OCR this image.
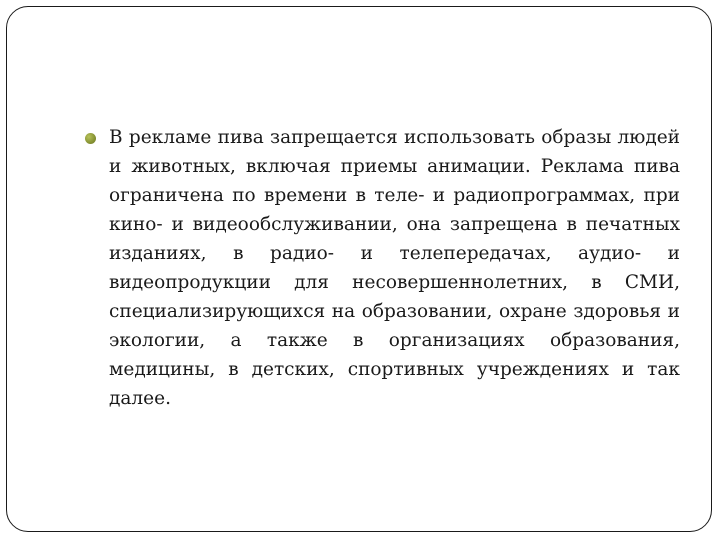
В рекламе пива запрещается использовать образы людей и животных, включая приемы анимации. Реклама пива ограничена по времени в теле- и радиопрограммах, при кино- и видеообслуживании, она запрещена в печатных изданиях, в радио- и телепередачах, аудио- и видеопродукции для несовершеннолетних, в СМИ, специализирующихся на образовании, охране здоровья и экологии, а также в организациях образования, медицины, в детских, спортивных учреждениях и так далее.
